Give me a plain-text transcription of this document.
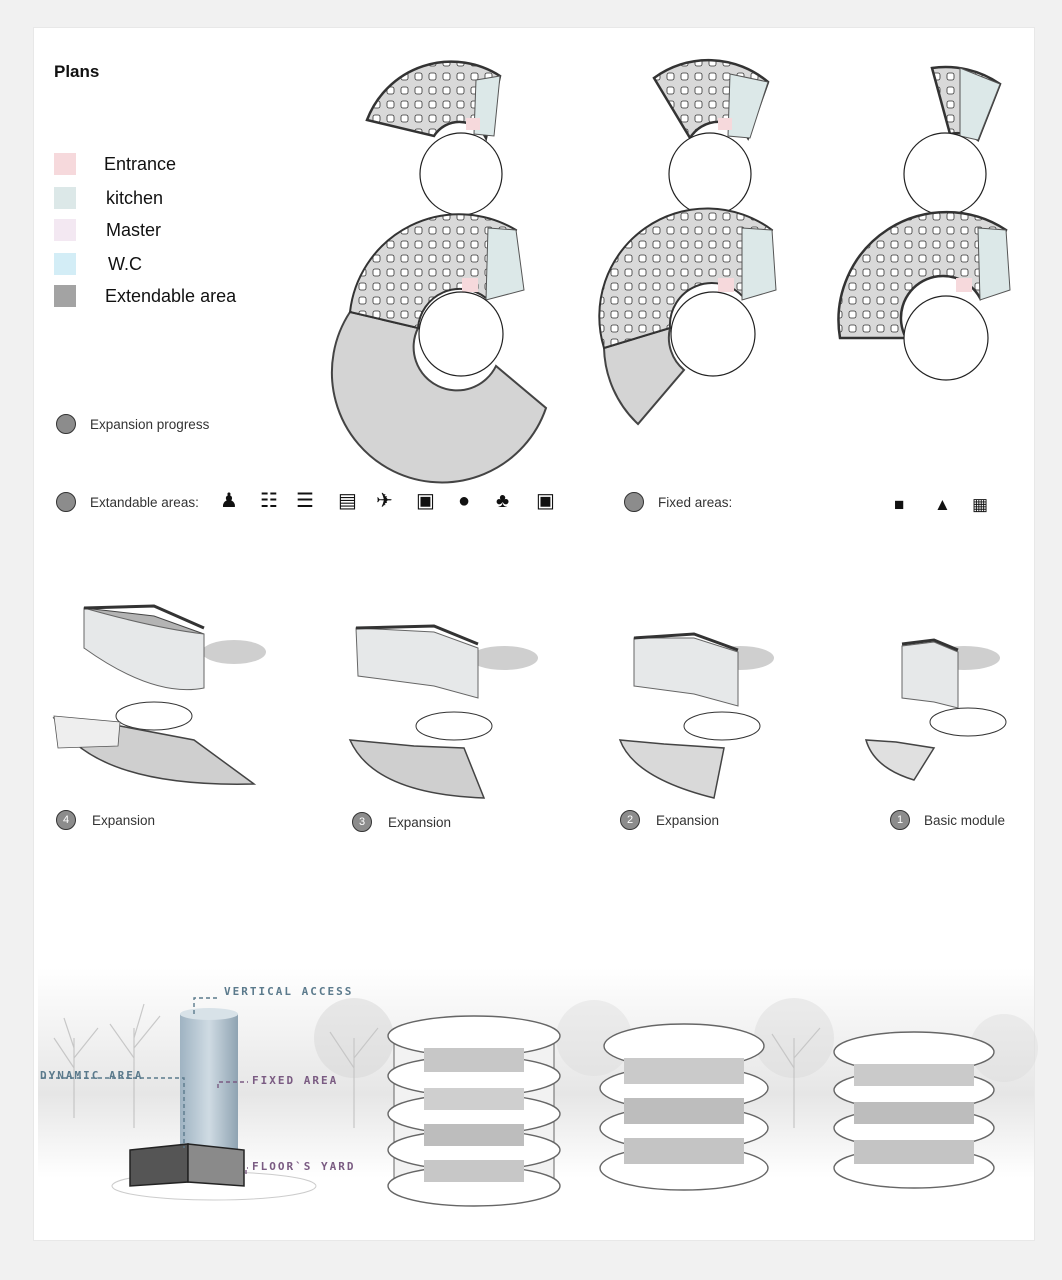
Plans
Entrance
kitchen
Master
W.C
Extendable area
Expansion progress
Extandable areas: ♟ ☷ ☰ ▤ ✈ ▣ ● ♣ ▣	Fixed areas:	■ ▲ ▦
4	Expansion	3	Expansion	2	Expansion	1	Basic module
VERTICAL ACCESS
DYNAMIC AREA	FIXED AREA
FLOOR`S YARD
